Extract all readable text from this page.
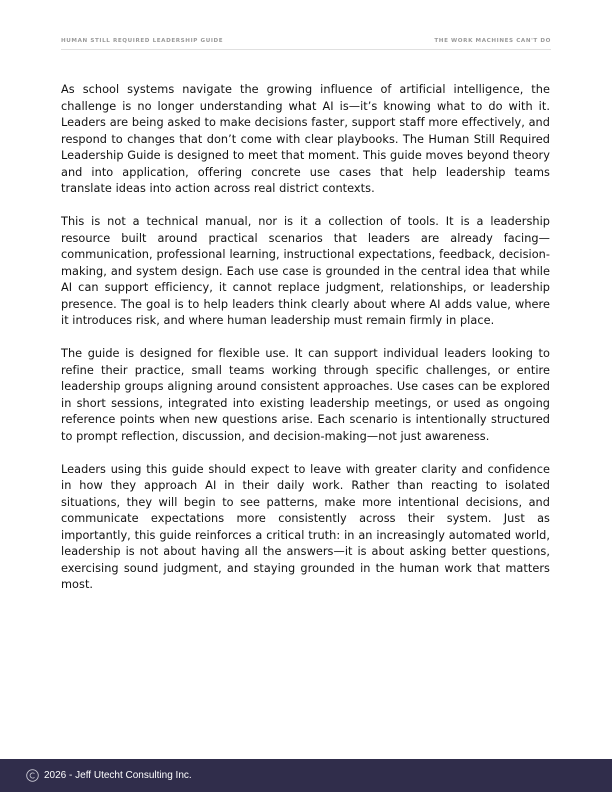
HUMAN STILL REQUIRED LEADERSHIP GUIDE	THE WORK MACHINES CAN'T DO

As school systems navigate the growing influence of artificial intelligence, the challenge is no longer understanding what AI is—it’s knowing what to do with it. Leaders are being asked to make decisions faster, support staff more effectively, and respond to changes that don’t come with clear playbooks. The Human Still Required Leadership Guide is designed to meet that moment. This guide moves beyond theory and into application, offering concrete use cases that help leadership teams translate ideas into action across real district contexts.

This is not a technical manual, nor is it a collection of tools. It is a leadership resource built around practical scenarios that leaders are already facing—communication, professional learning, instructional expectations, feedback, decision-making, and system design. Each use case is grounded in the central idea that while AI can support efficiency, it cannot replace judgment, relationships, or leadership presence. The goal is to help leaders think clearly about where AI adds value, where it introduces risk, and where human leadership must remain firmly in place.

The guide is designed for flexible use. It can support individual leaders looking to refine their practice, small teams working through specific challenges, or entire leadership groups aligning around consistent approaches. Use cases can be explored in short sessions, integrated into existing leadership meetings, or used as ongoing reference points when new questions arise. Each scenario is intentionally structured to prompt reflection, discussion, and decision-making—not just awareness.

Leaders using this guide should expect to leave with greater clarity and confidence in how they approach AI in their daily work. Rather than reacting to isolated situations, they will begin to see patterns, make more intentional decisions, and communicate expectations more consistently across their system. Just as importantly, this guide reinforces a critical truth: in an increasingly automated world, leadership is not about having all the answers—it is about asking better questions, exercising sound judgment, and staying grounded in the human work that matters most.

2026 - Jeff Utecht Consulting Inc.
